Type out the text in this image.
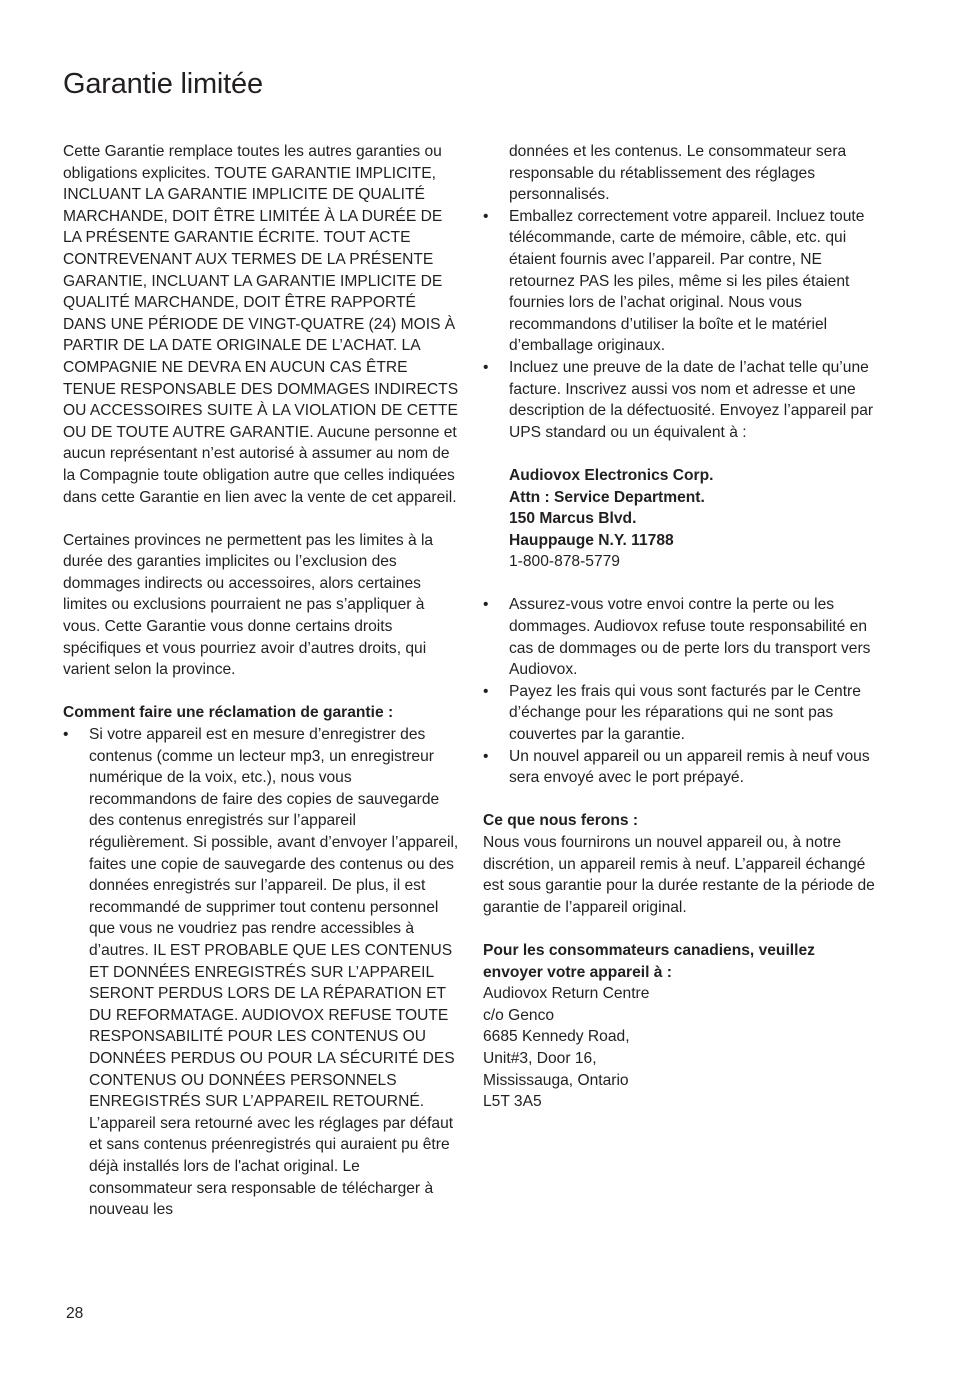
Garantie limitée

Cette Garantie remplace toutes les autres garanties ou obligations explicites. TOUTE GARANTIE IMPLICITE, INCLUANT LA GARANTIE IMPLICITE DE QUALITÉ MARCHANDE, DOIT ÊTRE LIMITÉE À LA DURÉE DE LA PRÉSENTE GARANTIE ÉCRITE. TOUT ACTE CONTREVENANT AUX TERMES DE LA PRÉSENTE GARANTIE, INCLUANT LA GARANTIE IMPLICITE DE QUALITÉ MARCHANDE, DOIT ÊTRE RAPPORTÉ DANS UNE PÉRIODE DE VINGT-QUATRE (24) MOIS À PARTIR DE LA DATE ORIGINALE DE L’ACHAT. LA COMPAGNIE NE DEVRA EN AUCUN CAS ÊTRE TENUE RESPONSABLE DES DOMMAGES INDIRECTS OU ACCESSOIRES SUITE À LA VIOLATION DE CETTE OU DE TOUTE AUTRE GARANTIE. Aucune personne et aucun représentant n’est autorisé à assumer au nom de la Compagnie toute obligation autre que celles indiquées dans cette Garantie en lien avec la vente de cet appareil.

Certaines provinces ne permettent pas les limites à la durée des garanties implicites ou l’exclusion des dommages indirects ou accessoires, alors certaines limites ou exclusions pourraient ne pas s’appliquer à vous. Cette Garantie vous donne certains droits spécifiques et vous pourriez avoir d’autres droits, qui varient selon la province.

Comment faire une réclamation de garantie :

• Si votre appareil est en mesure d’enregistrer des contenus (comme un lecteur mp3, un enregistreur numérique de la voix, etc.), nous vous recommandons de faire des copies de sauvegarde des contenus enregistrés sur l’appareil régulièrement. Si possible, avant d’envoyer l’appareil, faites une copie de sauvegarde des contenus ou des données enregistrés sur l’appareil. De plus, il est recommandé de supprimer tout contenu personnel que vous ne voudriez pas rendre accessibles à d’autres. IL EST PROBABLE QUE LES CONTENUS ET DONNÉES ENREGISTRÉS SUR L’APPAREIL SERONT PERDUS LORS DE LA RÉPARATION ET DU REFORMATAGE. AUDIOVOX REFUSE TOUTE RESPONSABILITÉ POUR LES CONTENUS OU DONNÉES PERDUS OU POUR LA SÉCURITÉ DES CONTENUS OU DONNÉES PERSONNELS ENREGISTRÉS SUR L’APPAREIL RETOURNÉ. L’appareil sera retourné avec les réglages par défaut et sans contenus préenregistrés qui auraient pu être déjà installés lors de l'achat original. Le consommateur sera responsable de télécharger à nouveau les

données et les contenus. Le consommateur sera responsable du rétablissement des réglages personnalisés.

• Emballez correctement votre appareil. Incluez toute télécommande, carte de mémoire, câble, etc. qui étaient fournis avec l’appareil. Par contre, NE retournez PAS les piles, même si les piles étaient fournies lors de l’achat original. Nous vous recommandons d’utiliser la boîte et le matériel d’emballage originaux.
• Incluez une preuve de la date de l’achat telle qu’une facture. Inscrivez aussi vos nom et adresse et une description de la défectuosité. Envoyez l’appareil par UPS standard ou un équivalent à :

Audiovox Electronics Corp.

Attn : Service Department.

150 Marcus Blvd.

Hauppauge N.Y. 11788

1-800-878-5779

• Assurez-vous votre envoi contre la perte ou les dommages. Audiovox refuse toute responsabilité en cas de dommages ou de perte lors du transport vers Audiovox.
• Payez les frais qui vous sont facturés par le Centre d’échange pour les réparations qui ne sont pas couvertes par la garantie.
• Un nouvel appareil ou un appareil remis à neuf vous sera envoyé avec le port prépayé.

Ce que nous ferons :

Nous vous fournirons un nouvel appareil ou, à notre discrétion, un appareil remis à neuf. L’appareil échangé est sous garantie pour la durée restante de la période de garantie de l’appareil original.

Pour les consommateurs canadiens, veuillez envoyer votre appareil à :

Audiovox Return Centre

c/o Genco

6685 Kennedy Road,

Unit#3, Door 16,

Mississauga, Ontario

L5T 3A5

28
